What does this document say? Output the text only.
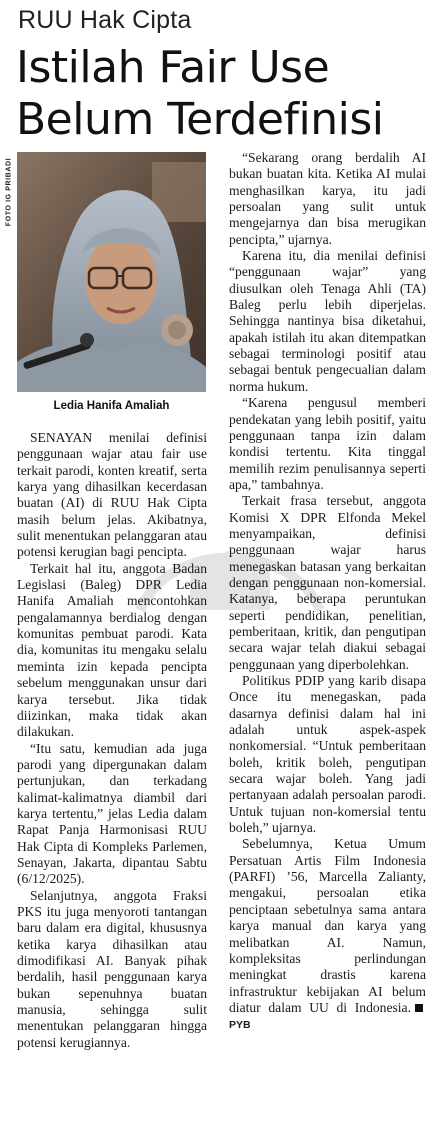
RUU Hak Cipta
Istilah Fair Use Belum Terdefinisi
FOTO IG PRIBADI
Ledia Hanifa Amaliah

SENAYAN menilai definisi penggunaan wajar atau fair use terkait parodi, konten kreatif, serta karya yang dihasilkan kecerdasan buatan (AI) di RUU Hak Cipta masih belum jelas. Akibatnya, sulit menentukan pelanggaran atau potensi kerugian bagi pencipta.

Terkait hal itu, anggota Badan Legislasi (Baleg) DPR Ledia Hanifa Amaliah mencontohkan pengalamannya berdialog dengan komunitas pembuat parodi. Kata dia, komunitas itu mengaku selalu meminta izin kepada pencipta sebelum menggunakan unsur dari karya tersebut. Jika tidak diizinkan, maka tidak akan dilakukan.

“Itu satu, kemudian ada juga parodi yang dipergunakan dalam pertunjukan, dan terkadang kalimat-kalimatnya diambil dari karya tertentu,” jelas Ledia dalam Rapat Panja Harmonisasi RUU Hak Cipta di Kompleks Parlemen, Senayan, Jakarta, dipantau Sabtu (6/12/2025).

Selanjutnya, anggota Fraksi PKS itu juga menyoroti tantangan baru dalam era digital, khususnya ketika karya dihasilkan atau dimodifikasi AI. Banyak pihak berdalih, hasil penggunaan karya bukan sepenuhnya buatan manusia, sehingga sulit menentukan pelanggaran hingga potensi kerugiannya.

“Sekarang orang berdalih AI bukan buatan kita. Ketika AI mulai menghasilkan karya, itu jadi persoalan yang sulit untuk mengejarnya dan bisa merugikan pencipta,” ujarnya.

Karena itu, dia menilai definisi “penggunaan wajar” yang diusulkan oleh Tenaga Ahli (TA) Baleg perlu lebih diperjelas. Sehingga nantinya bisa diketahui, apakah istilah itu akan ditempatkan sebagai terminologi positif atau sebagai bentuk pengecualian dalam norma hukum.

“Karena pengusul memberi pendekatan yang lebih positif, yaitu penggunaan tanpa izin dalam kondisi tertentu. Kita tinggal memilih rezim penulisannya seperti apa,” tambahnya.

Terkait frasa tersebut, anggota Komisi X DPR Elfonda Mekel menyampaikan, definisi penggunaan wajar harus menegaskan batasan yang berkaitan dengan penggunaan non-komersial. Katanya, beberapa peruntukan seperti pendidikan, penelitian, pemberitaan, kritik, dan pengutipan secara wajar telah diakui sebagai penggunaan yang diperbolehkan.

Politikus PDIP yang karib disapa Once itu menegaskan, pada dasarnya definisi dalam hal ini adalah untuk aspek-aspek nonkomersial. “Untuk pemberitaan boleh, kritik boleh, pengutipan secara wajar boleh. Yang jadi pertanyaan adalah persoalan parodi. Untuk tujuan non-komersial tentu boleh,” ujarnya.

Sebelumnya, Ketua Umum Persatuan Artis Film Indonesia (PARFI) ’56, Marcella Zalianty, mengakui, persoalan etika penciptaan sebetulnya sama antara karya manual dan karya yang melibatkan AI. Namun, kompleksitas perlindungan meningkat drastis karena infrastruktur kebijakan AI belum diatur dalam UU di Indonesia.PYB
